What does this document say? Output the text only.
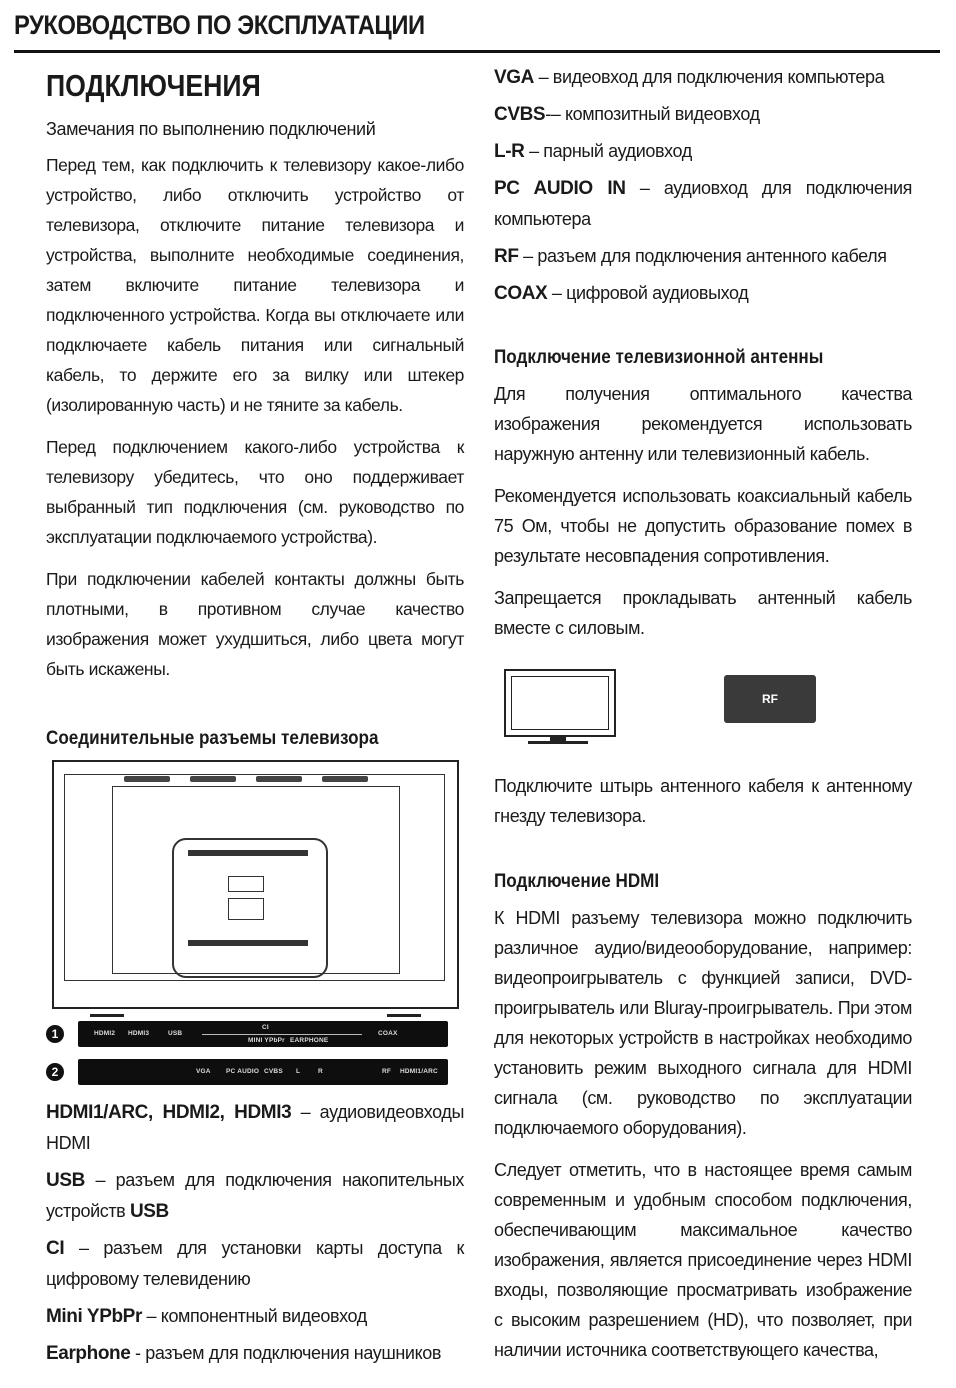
РУКОВОДСТВО ПО ЭКСПЛУАТАЦИИ
ПОДКЛЮЧЕНИЯ

Замечания по выполнению подключений

Перед тем, как подключить к телевизору какое-либо устройство, либо отключить устройство от телевизора, отключите питание телевизора и устройства, выполните необходимые соединения, затем включите питание телевизора и подключенного устройства. Когда вы отключаете или подключаете кабель питания или сигнальный кабель, то держите его за вилку или штекер (изолированную часть) и не тяните за кабель.

Перед подключением какого-либо устройства к телевизору убедитесь, что оно поддерживает выбранный тип подключения (см. руководство по эксплуатации подключаемого устройства).

При подключении кабелей контакты должны быть плотными, в противном случае качество изображения может ухудшиться, либо цвета могут быть искажены.

Соединительные разъемы телевизора
1	HDMI2 HDMI3	USB
CI
MINI YPbPr EARPHONE
COAX
2	VGA PC AUDIO CVBS L	R	RF HDMI1/ARC
HDMI1/ARC, HDMI2, HDMI3 – аудиовидеовходы HDMI
USB – разъем для подключения накопительных устройств USB
CI – разъем для установки карты доступа к цифровому телевидению
Mini YPbPr – компонентный видеовход
Earphone - разъем для подключения наушников
VGA – видеовход для подключения компьютера
CVBS-– композитный видеовход
L-R – парный аудиовход
PC AUDIO IN – аудиовход для подключения компьютера
RF – разъем для подключения антенного кабеля
COAX – цифровой аудиовыход
Подключение телевизионной антенны

Для получения оптимального качества изображения рекомендуется использовать наружную антенну или телевизионный кабель.

Рекомендуется использовать коаксиальный кабель 75 Ом, чтобы не допустить образование помех в результате несовпадения сопротивления.

Запрещается прокладывать антенный кабель вместе с силовым.

RF

Подключите штырь антенного кабеля к антенному гнезду телевизора.

Подключение HDMI

К HDMI разъему телевизора можно подключить различное аудио/видеооборудование, например: видеопроигрыватель с функцией записи, DVD-проигрыватель или Bluray-проигрыватель. При этом для некоторых устройств в настройках необходимо установить режим выходного сигнала для HDMI сигнала (см. руководство по эксплуатации подключаемого оборудования).

Следует отметить, что в настоящее время самым современным и удобным способом подключения, обеспечивающим максимальное качество изображения, является присоединение через HDMI входы, позволяющие просматривать изображение с высоким разрешением (HD), что позволяет, при наличии источника соответствующего качества,
